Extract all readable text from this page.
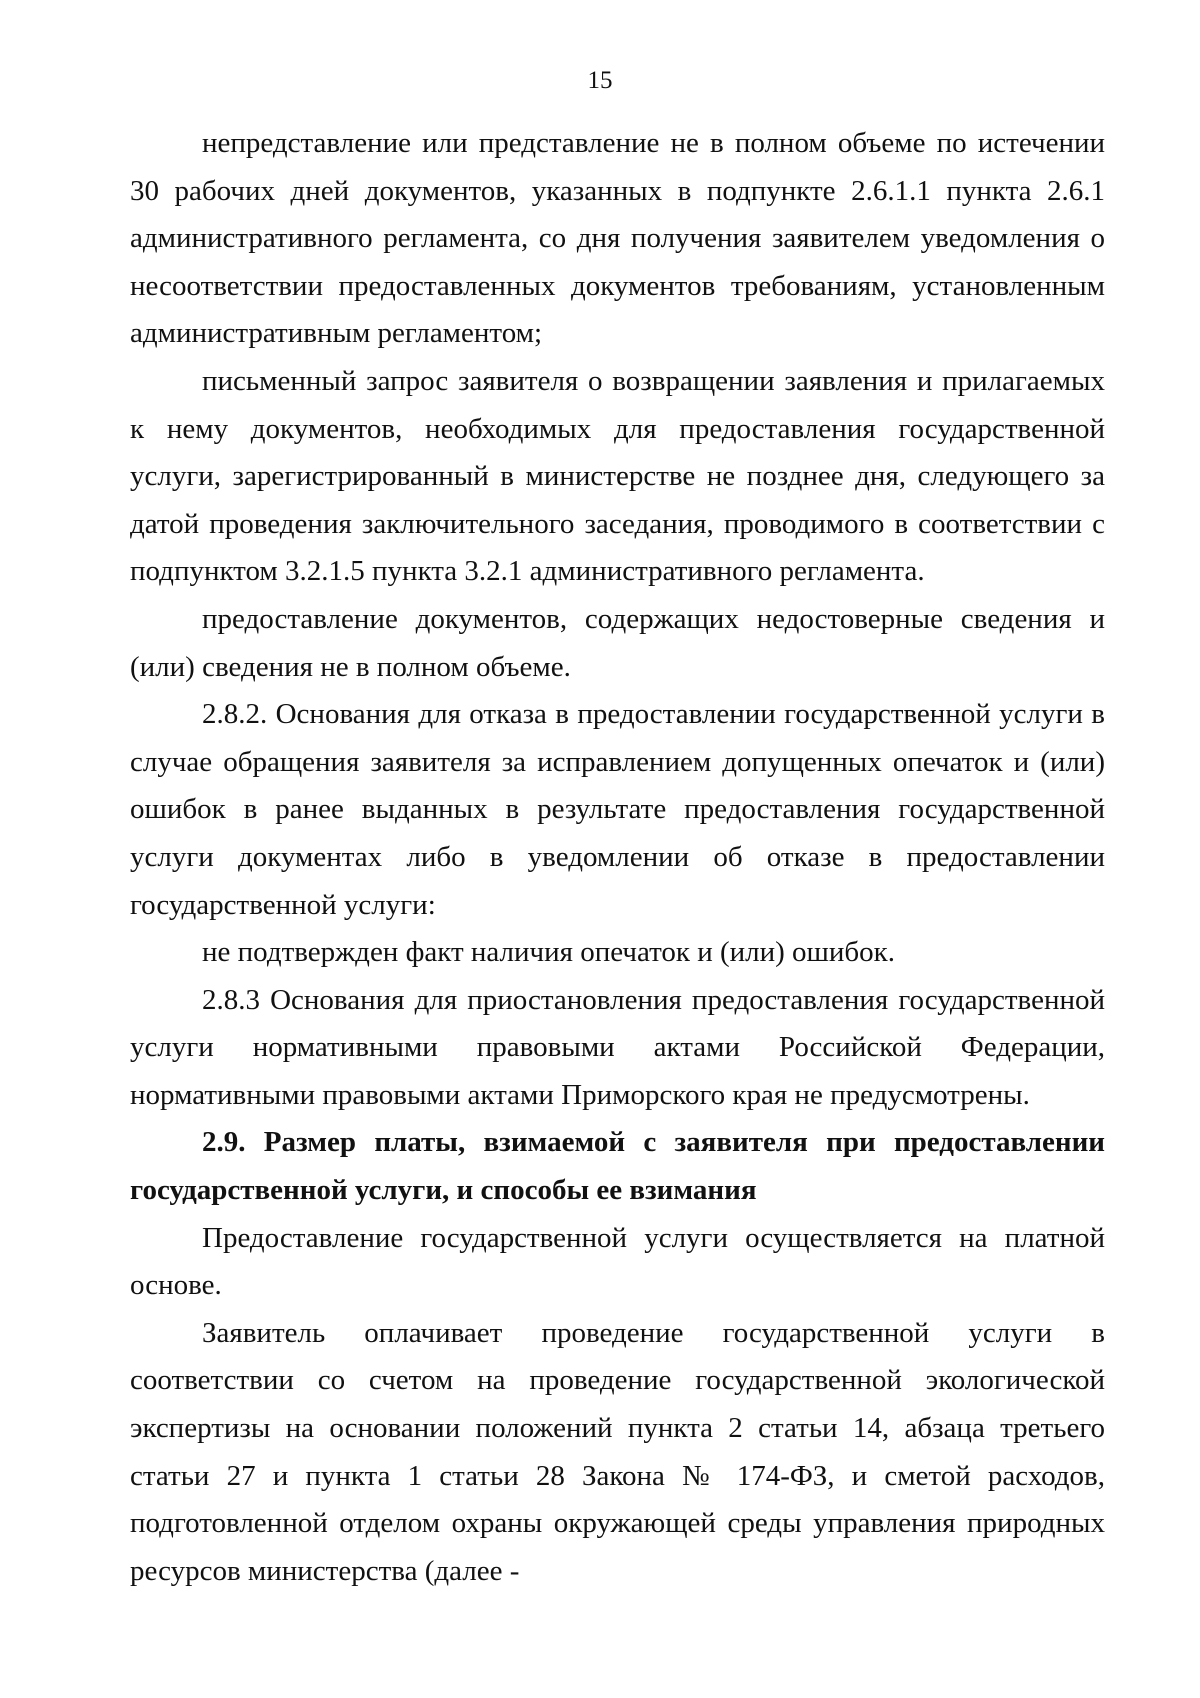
15

непредставление или представление не в полном объеме по истечении 30 рабочих дней документов, указанных в подпункте 2.6.1.1 пункта 2.6.1 административного регламента, со дня получения заявителем уведомления о несоответствии предоставленных документов требованиям, установленным административным регламентом;

письменный запрос заявителя о возвращении заявления и прилагаемых к нему документов, необходимых для предоставления государственной услуги, зарегистрированный в министерстве не позднее дня, следующего за датой проведения заключительного заседания, проводимого в соответствии с подпунктом 3.2.1.5 пункта 3.2.1 административного регламента.

предоставление документов, содержащих недостоверные сведения и (или) сведения не в полном объеме.

2.8.2. Основания для отказа в предоставлении государственной услуги в случае обращения заявителя за исправлением допущенных опечаток и (или) ошибок в ранее выданных в результате предоставления государственной услуги документах либо в уведомлении об отказе в предоставлении государственной услуги:

не подтвержден факт наличия опечаток и (или) ошибок.

2.8.3 Основания для приостановления предоставления государственной услуги нормативными правовыми актами Российской Федерации, нормативными правовыми актами Приморского края не предусмотрены.

2.9. Размер платы, взимаемой с заявителя при предоставлении государственной услуги, и способы ее взимания

Предоставление государственной услуги осуществляется на платной основе.

Заявитель оплачивает проведение государственной услуги в соответствии со счетом на проведение государственной экологической экспертизы на основании положений пункта 2 статьи 14, абзаца третьего статьи 27 и пункта 1 статьи 28 Закона № 174-ФЗ, и сметой расходов, подготовленной отделом охраны окружающей среды управления природных ресурсов министерства (далее -
